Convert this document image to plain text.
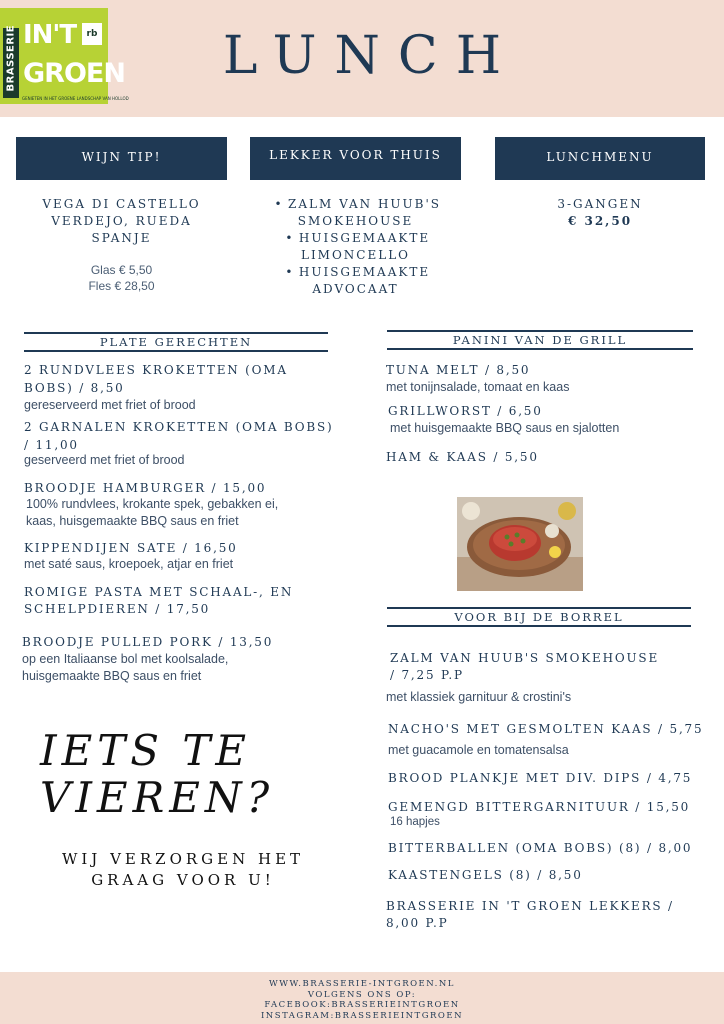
BRASSERIE IN'T
GROEN
rb
GENIETEN IN HET GROENE LANDSCHAP VAN HOLLOD
LUNCH
WIJN TIP!	LEKKER VOOR THUIS	LUNCHMENU
VEGA DI CASTELLO
VERDEJO, RUEDA
SPANJE
Glas € 5,50
Fles € 28,50
• ZALM VAN HUUB'S
SMOKEHOUSE
• HUISGEMAAKTE
LIMONCELLO
• HUISGEMAAKTE
ADVOCAAT
3-GANGEN
€ 32,50
PLATE GERECHTEN
2 RUNDVLEES KROKETTEN (OMA
BOBS) / 8,50
gereserveerd met friet of brood
2 GARNALEN KROKETTEN (OMA BOBS)
/ 11,00
geserveerd met friet of brood
BROODJE HAMBURGER / 15,00
100% rundvlees, krokante spek, gebakken ei,
kaas, huisgemaakte BBQ saus en friet
KIPPENDIJEN SATE / 16,50
met saté saus, kroepoek, atjar en friet
ROMIGE PASTA MET SCHAAL-, EN
SCHELPDIEREN / 17,50
BROODJE PULLED PORK / 13,50
op een Italiaanse bol met koolsalade,
huisgemaakte BBQ saus en friet
PANINI VAN DE GRILL
TUNA MELT / 8,50
met tonijnsalade, tomaat en kaas
GRILLWORST / 6,50
met huisgemaakte BBQ saus en sjalotten
HAM & KAAS / 5,50
VOOR BIJ DE BORREL
ZALM VAN HUUB'S SMOKEHOUSE
/ 7,25 P.P
met klassiek garnituur & crostini's
NACHO'S MET GESMOLTEN KAAS / 5,75
met guacamole en tomatensalsa
BROOD PLANKJE MET DIV. DIPS / 4,75
GEMENGD BITTERGARNITUUR / 15,50
16 hapjes
BITTERBALLEN (OMA BOBS) (8) / 8,00
KAASTENGELS (8) / 8,50
BRASSERIE IN 'T GROEN LEKKERS /
8,00 P.P
IETS TE
VIEREN?
WIJ VERZORGEN HET
GRAAG VOOR U!
WWW.BRASSERIE-INTGROEN.NL
VOLGENS ONS OP:
FACEBOOK:BRASSERIEINTGROEN
INSTAGRAM:BRASSERIEINTGROEN
